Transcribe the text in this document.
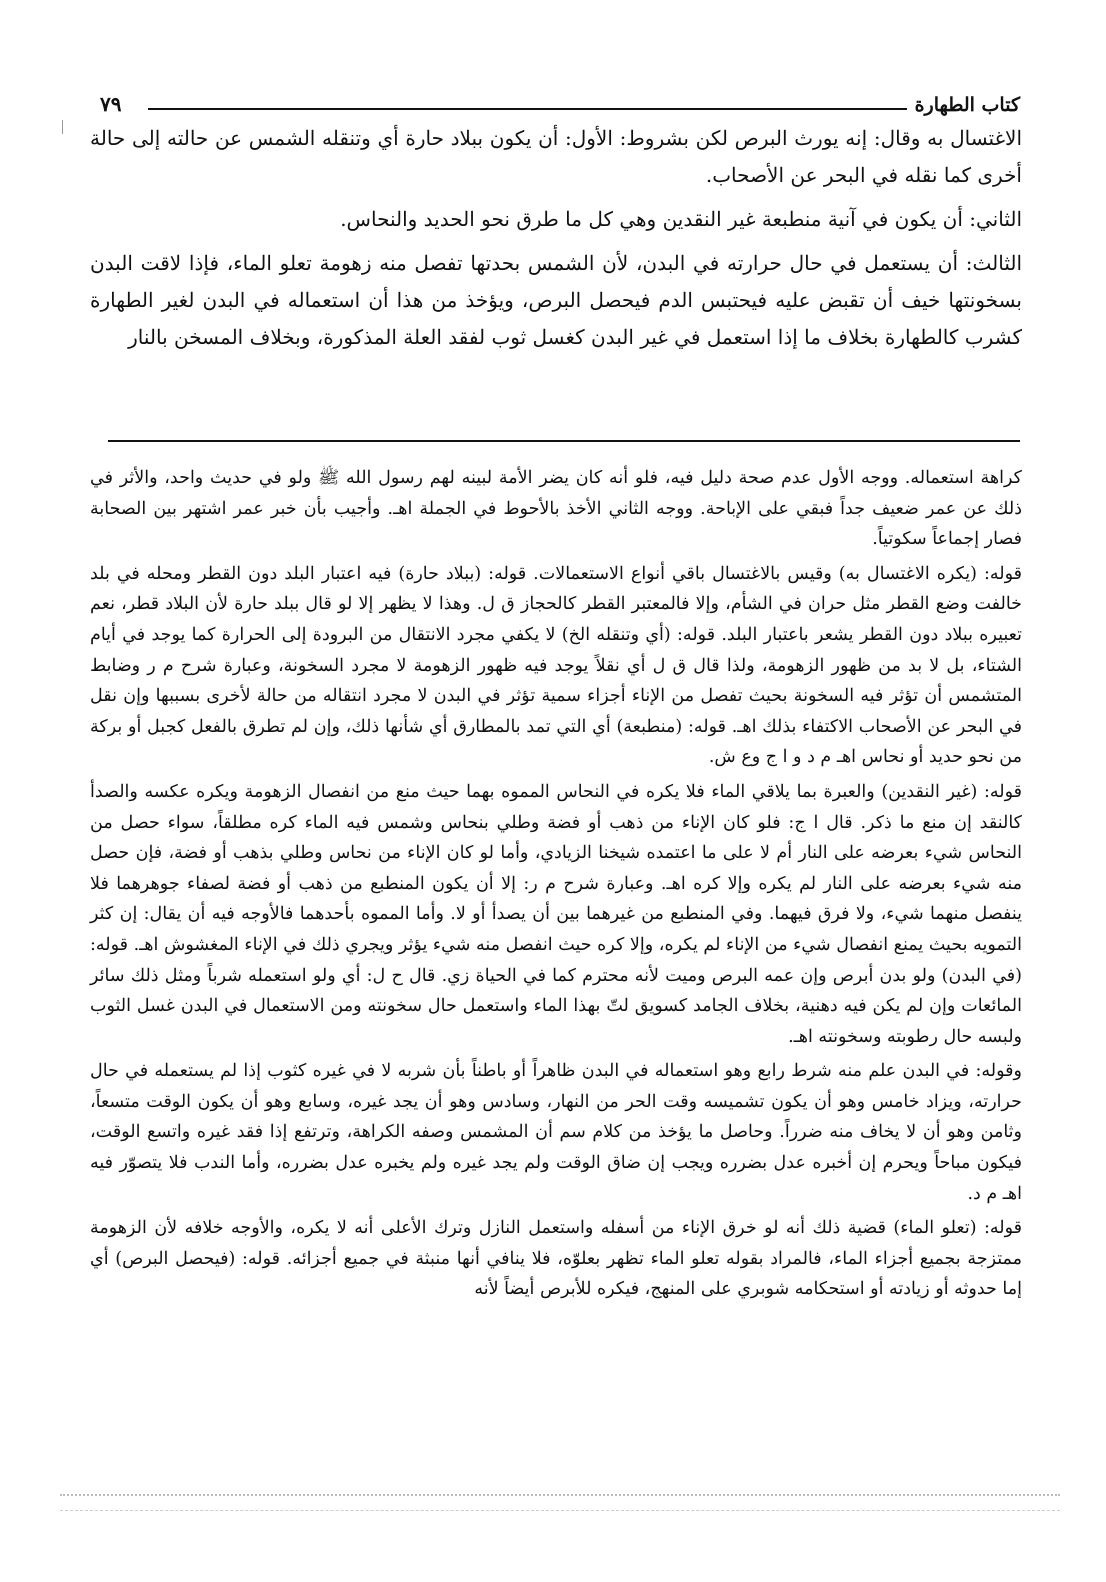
٧٩	كتاب الطهارة

الاغتسال به وقال: إنه يورث البرص لكن بشروط: الأول: أن يكون ببلاد حارة أي وتنقله الشمس عن حالته إلى حالة أخرى كما نقله في البحر عن الأصحاب.

الثاني: أن يكون في آنية منطبعة غير النقدين وهي كل ما طرق نحو الحديد والنحاس.

الثالث: أن يستعمل في حال حرارته في البدن، لأن الشمس بحدتها تفصل منه زهومة تعلو الماء، فإذا لاقت البدن بسخونتها خيف أن تقبض عليه فيحتبس الدم فيحصل البرص، ويؤخذ من هذا أن استعماله في البدن لغير الطهارة كشرب كالطهارة بخلاف ما إذا استعمل في غير البدن كغسل ثوب لفقد العلة المذكورة، وبخلاف المسخن بالنار

كراهة استعماله. ووجه الأول عدم صحة دليل فيه، فلو أنه كان يضر الأمة لبينه لهم رسول الله ﷺ ولو في حديث واحد، والأثر في ذلك عن عمر ضعيف جداً فبقي على الإباحة. ووجه الثاني الأخذ بالأحوط في الجملة اهـ. وأجيب بأن خبر عمر اشتهر بين الصحابة فصار إجماعاً سكوتياً.

قوله: (يكره الاغتسال به) وقيس بالاغتسال باقي أنواع الاستعمالات. قوله: (ببلاد حارة) فيه اعتبار البلد دون القطر ومحله في بلد خالفت وضع القطر مثل حران في الشأم، وإلا فالمعتبر القطر كالحجاز ق ل. وهذا لا يظهر إلا لو قال ببلد حارة لأن البلاد قطر، نعم تعبيره ببلاد دون القطر يشعر باعتبار البلد. قوله: (أي وتنقله الخ) لا يكفي مجرد الانتقال من البرودة إلى الحرارة كما يوجد في أيام الشتاء، بل لا بد من ظهور الزهومة، ولذا قال ق ل أي نقلاً يوجد فيه ظهور الزهومة لا مجرد السخونة، وعبارة شرح م ر وضابط المتشمس أن تؤثر فيه السخونة بحيث تفصل من الإناء أجزاء سمية تؤثر في البدن لا مجرد انتقاله من حالة لأخرى بسببها وإن نقل في البحر عن الأصحاب الاكتفاء بذلك اهـ. قوله: (منطبعة) أي التي تمد بالمطارق أي شأنها ذلك، وإن لم تطرق بالفعل كجبل أو بركة من نحو حديد أو نحاس اهـ م د و ا ج وع ش.

قوله: (غير النقدين) والعبرة بما يلاقي الماء فلا يكره في النحاس المموه بهما حيث منع من انفصال الزهومة ويكره عكسه والصدأ كالنقد إن منع ما ذكر. قال ا ج: فلو كان الإناء من ذهب أو فضة وطلي بنحاس وشمس فيه الماء كره مطلقاً، سواء حصل من النحاس شيء بعرضه على النار أم لا على ما اعتمده شيخنا الزيادي، وأما لو كان الإناء من نحاس وطلي بذهب أو فضة، فإن حصل منه شيء بعرضه على النار لم يكره وإلا كره اهـ. وعبارة شرح م ر: إلا أن يكون المنطبع من ذهب أو فضة لصفاء جوهرهما فلا ينفصل منهما شيء، ولا فرق فيهما. وفي المنطبع من غيرهما بين أن يصدأ أو لا. وأما المموه بأحدهما فالأوجه فيه أن يقال: إن كثر التمويه بحيث يمنع انفصال شيء من الإناء لم يكره، وإلا كره حيث انفصل منه شيء يؤثر ويجري ذلك في الإناء المغشوش اهـ. قوله: (في البدن) ولو بدن أبرص وإن عمه البرص وميت لأنه محترم كما في الحياة زي. قال ح ل: أي ولو استعمله شرباً ومثل ذلك سائر المائعات وإن لم يكن فيه دهنية، بخلاف الجامد كسويق لتّ بهذا الماء واستعمل حال سخونته ومن الاستعمال في البدن غسل الثوب ولبسه حال رطوبته وسخونته اهـ.

وقوله: في البدن علم منه شرط رابع وهو استعماله في البدن ظاهراً أو باطناً بأن شربه لا في غيره كثوب إذا لم يستعمله في حال حرارته، ويزاد خامس وهو أن يكون تشميسه وقت الحر من النهار، وسادس وهو أن يجد غيره، وسابع وهو أن يكون الوقت متسعاً، وثامن وهو أن لا يخاف منه ضرراً. وحاصل ما يؤخذ من كلام سم أن المشمس وصفه الكراهة، وترتفع إذا فقد غيره واتسع الوقت، فيكون مباحاً ويحرم إن أخبره عدل بضرره ويجب إن ضاق الوقت ولم يجد غيره ولم يخبره عدل بضرره، وأما الندب فلا يتصوّر فيه اهـ م د.

قوله: (تعلو الماء) قضية ذلك أنه لو خرق الإناء من أسفله واستعمل النازل وترك الأعلى أنه لا يكره، والأوجه خلافه لأن الزهومة ممتزجة بجميع أجزاء الماء، فالمراد بقوله تعلو الماء تظهر بعلوّه، فلا ينافي أنها منبثة في جميع أجزائه. قوله: (فيحصل البرص) أي إما حدوثه أو زيادته أو استحكامه شوبري على المنهج، فيكره للأبرص أيضاً لأنه
